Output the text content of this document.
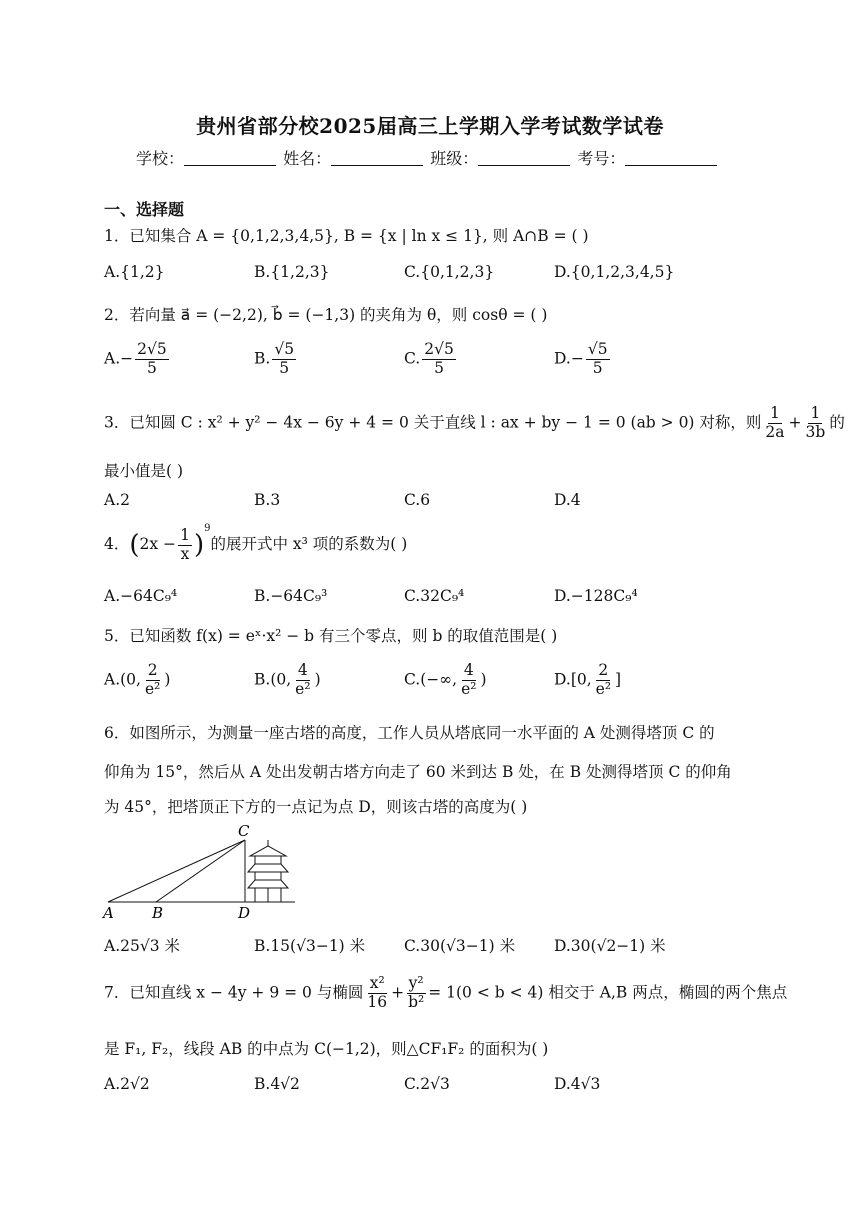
贵州省部分校2025届高三上学期入学考试数学试卷
学校：	姓名：	班级：	考号：
一、选择题
1．已知集合 A = {0,1,2,3,4,5}, B = {x | ln x ≤ 1}, 则 A∩B = ( )
A.{1,2}	B.{1,2,3}	C.{0,1,2,3}	D.{0,1,2,3,4,5}
2．若向量 a⃗ = (−2,2), b⃗ = (−1,3) 的夹角为 θ，则 cosθ = ( )
$A.- \frac{2√5}{5}$	B. $\frac{√5}{5}$	C. $\frac{2√5}{5}$	$D.- \frac{√5}{5}$
3．已知圆 C : x² + y² − 4x − 6y + 4 = 0 关于直线 l : ax + by − 1 = 0 (ab > 0) 对称，则 $\frac{1}{2a} + \frac{1}{3b}$ 的
最小值是( )
A.2	B.3	C.6	D.4
4．$(2x - \frac{1}{x} )^9$的展开式中 x³ 项的系数为( )
A.−64C₉⁴	B.−64C₉³	C.32C₉⁴	D.−128C₉⁴
5．已知函数 f(x) = eˣ·x² − b 有三个零点，则 b 的取值范围是( )
A.(0, $\frac{2}{\text{e²}}$ )	B.(0, $\frac{4}{\text{e²}}$ )	C.(−∞, $\frac{4}{\text{e²}}$ )	D.[0, $\frac{2}{\text{e²}}$ ]
6．如图所示，为测量一座古塔的高度，工作人员从塔底同一水平面的 A 处测得塔顶 C 的
仰角为 15°，然后从 A 处出发朝古塔方向走了 60 米到达 B 处，在 B 处测得塔顶 C 的仰角
为 45°，把塔顶正下方的一点记为点 D，则该古塔的高度为( )
A	B
C
D
A.25√3 米	B.15(√3−1) 米	C.30(√3−1) 米	D.30(√2−1) 米
7．已知直线 x − 4y + 9 = 0 与椭圆 $\frac{\text{x²}}{16} + \frac{\text{y²}}{\text{b²}} = 1(0 < b < 4)$ 相交于 A,B 两点，椭圆的两个焦点
是 F₁, F₂，线段 AB 的中点为 C(−1,2)，则△CF₁F₂ 的面积为( )
A.2√2	B.4√2	C.2√3	D.4√3
